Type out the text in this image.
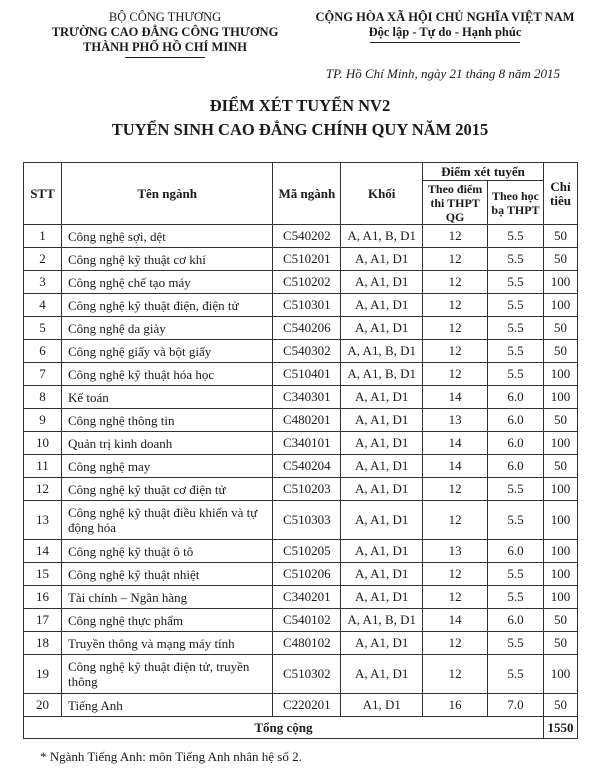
BỘ CÔNG THƯƠNG
TRƯỜNG CAO ĐẲNG CÔNG THƯƠNG
THÀNH PHỐ HỒ CHÍ MINH
CỘNG HÒA XÃ HỘI CHỦ NGHĨA VIỆT NAM
Độc lập - Tự do - Hạnh phúc
TP. Hồ Chí Minh, ngày 21 tháng 8 năm 2015
ĐIỂM XÉT TUYỂN NV2
TUYỂN SINH CAO ĐẲNG CHÍNH QUY NĂM 2015
STT	Tên ngành	Mã ngành	Khối	Điểm xét tuyển		Chỉ tiêu
				Theo điểm thi THPT QG	Theo học bạ THPT	
1	Công nghệ sợi, dệt	C540202	A, A1, B, D1	12	5.5	50
2	Công nghệ kỹ thuật cơ khí	C510201	A, A1, D1	12	5.5	50
3	Công nghệ chế tạo máy	C510202	A, A1, D1	12	5.5	100
4	Công nghệ kỹ thuật điện, điện tử	C510301	A, A1, D1	12	5.5	100
5	Công nghệ da giày	C540206	A, A1, D1	12	5.5	50
6	Công nghệ giấy và bột giấy	C540302	A, A1, B, D1	12	5.5	50
7	Công nghệ kỹ thuật hóa học	C510401	A, A1, B, D1	12	5.5	100
8	Kế toán	C340301	A, A1, D1	14	6.0	100
9	Công nghệ thông tin	C480201	A, A1, D1	13	6.0	50
10	Quản trị kinh doanh	C340101	A, A1, D1	14	6.0	100
11	Công nghệ may	C540204	A, A1, D1	14	6.0	50
12	Công nghệ kỹ thuật cơ điện tử	C510203	A, A1, D1	12	5.5	100
13	Công nghệ kỹ thuật điều khiển và tự động hóa	C510303	A, A1, D1	12	5.5	100
14	Công nghệ kỹ thuật ô tô	C510205	A, A1, D1	13	6.0	100
15	Công nghệ kỹ thuật nhiệt	C510206	A, A1, D1	12	5.5	100
16	Tài chính – Ngân hàng	C340201	A, A1, D1	12	5.5	100
17	Công nghệ thực phẩm	C540102	A, A1, B, D1	14	6.0	50
18	Truyền thông và mạng máy tính	C480102	A, A1, D1	12	5.5	50
19	Công nghệ kỹ thuật điện tử, truyền thông	C510302	A, A1, D1	12	5.5	100
20	Tiếng Anh	C220201	A1, D1	16	7.0	50
Tổng cộng						1550
* Ngành Tiếng Anh: môn Tiếng Anh nhân hệ số 2.
